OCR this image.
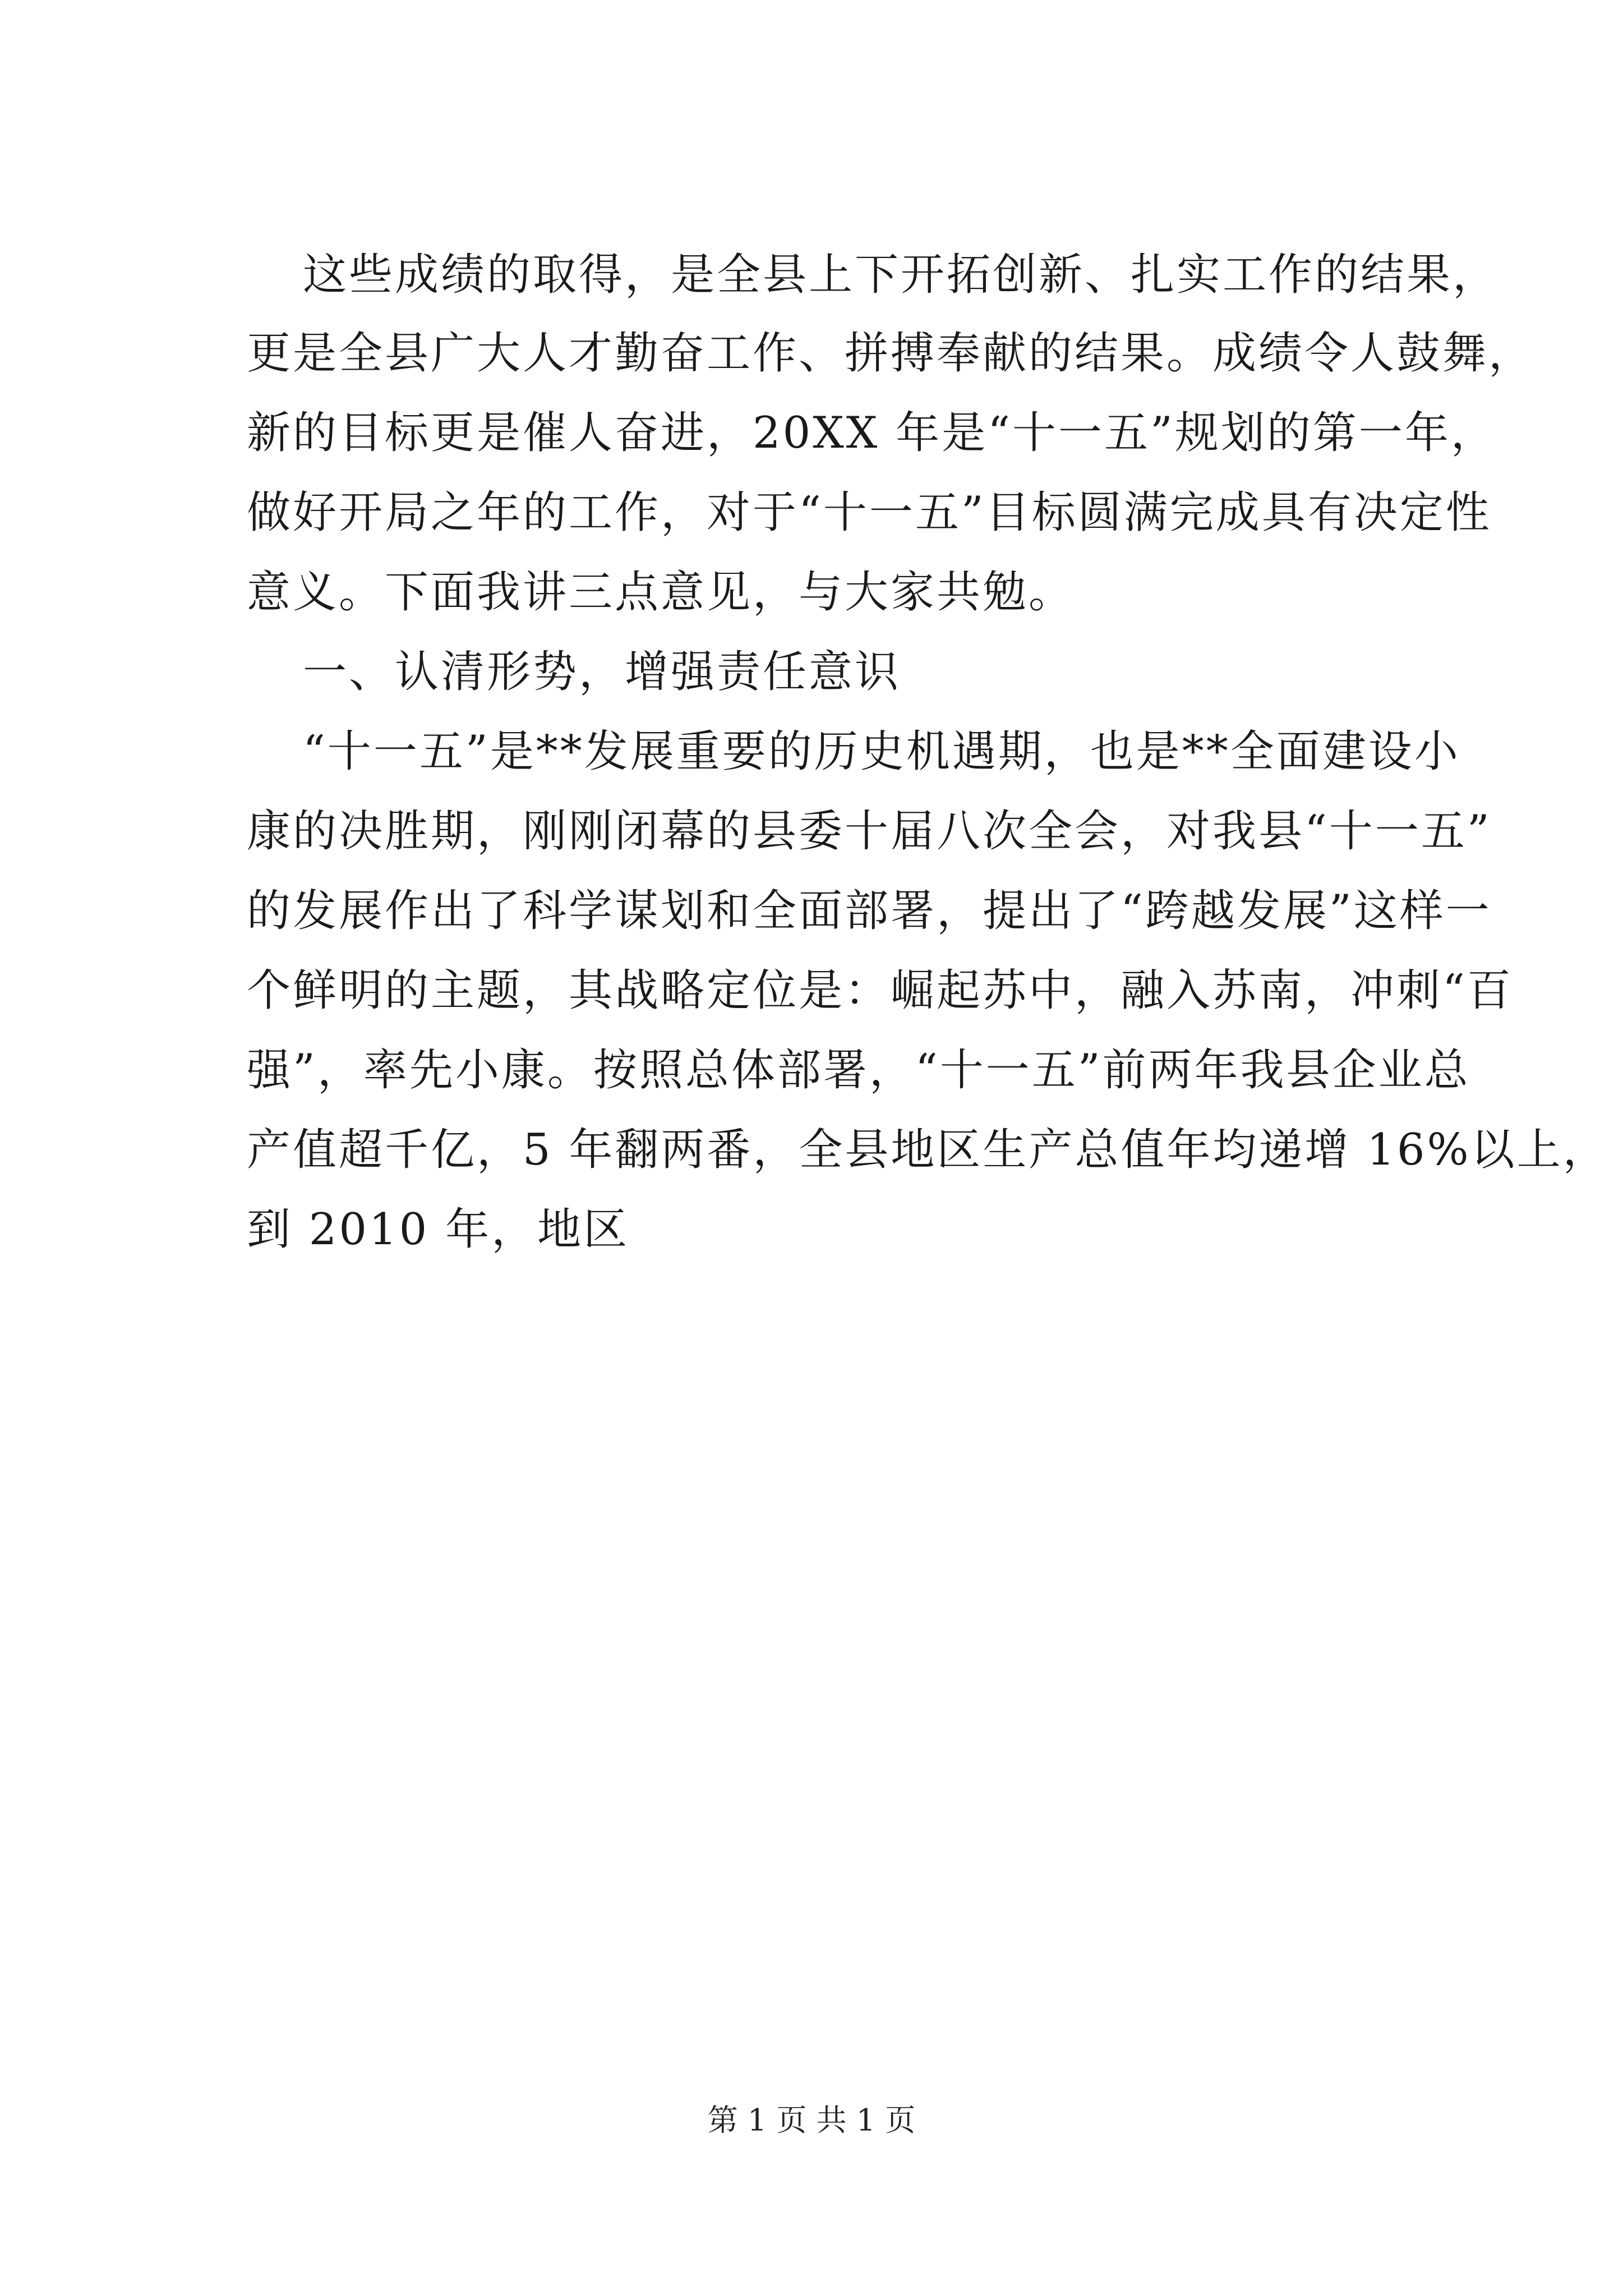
这些成绩的取得，是全县上下开拓创新、扎实工作的结果，
更是全县广大人才勤奋工作、拼搏奉献的结果。成绩令人鼓舞，
新的目标更是催人奋进，20XX 年是“十一五”规划的第一年，
做好开局之年的工作，对于“十一五”目标圆满完成具有决定性
意义。下面我讲三点意见，与大家共勉。
一、认清形势，增强责任意识
“十一五”是**发展重要的历史机遇期，也是**全面建设小
康的决胜期，刚刚闭幕的县委十届八次全会，对我县“十一五”
的发展作出了科学谋划和全面部署，提出了“跨越发展”这样一
个鲜明的主题，其战略定位是：崛起苏中，融入苏南，冲刺“百
强”，率先小康。按照总体部署，“十一五”前两年我县企业总
产值超千亿，5 年翻两番，全县地区生产总值年均递增 16%以上，
到 2010 年，地区
第 1 页 共 1 页
